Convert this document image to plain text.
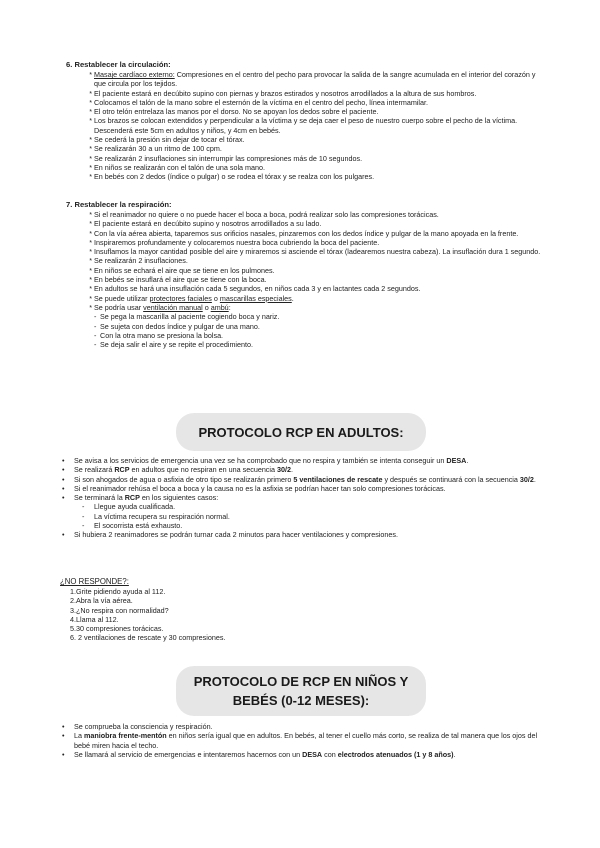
6. Restablecer la circulación:

* Masaje cardíaco externo: Compresiones en el centro del pecho para provocar la salida de la sangre acumulada en el interior del corazón y que circula por los tejidos.
* El paciente estará en decúbito supino con piernas y brazos estirados y nosotros arrodillados a la altura de sus hombros.
* Colocamos el talón de la mano sobre el esternón de la víctima en el centro del pecho, línea intermamilar.
* El otro telón entrelaza las manos por el dorso. No se apoyan los dedos sobre el paciente.
* Los brazos se colocan extendidos y perpendicular a la víctima y se deja caer el peso de nuestro cuerpo sobre el pecho de la víctima. Descenderá este 5cm en adultos y niños, y 4cm en bebés.
* Se cederá la presión sin dejar de tocar el tórax.
* Se realizarán 30 a un ritmo de 100 cpm.
* Se realizarán 2 insuflaciones sin interrumpir las compresiones más de 10 segundos.
* En niños se realizarán con el talón de una sola mano.
* En bebés con 2 dedos (índice o pulgar) o se rodea el tórax y se realza con los pulgares.

7. Restablecer la respiración:

* Si el reanimador no quiere o no puede hacer el boca a boca, podrá realizar solo las compresiones torácicas.
* El paciente estará en decúbito supino y nosotros arrodillados a su lado.
* Con la vía aérea abierta, taparemos sus orificios nasales, pinzaremos con los dedos índice y pulgar de la mano apoyada en la frente.
* Inspiraremos profundamente y colocaremos nuestra boca cubriendo la boca del paciente.
* Insuflamos la mayor cantidad posible del aire y miraremos si asciende el tórax (ladearemos nuestra cabeza). La insuflación dura 1 segundo.
* Se realizarán 2 insuflaciones.
* En niños se echará el aire que se tiene en los pulmones.
* En bebés se insuflará el aire que se tiene con la boca.
* En adultos se hará una insuflación cada 5 segundos, en niños cada 3 y en lactantes cada 2 segundos.
* Se puede utilizar protectores faciales o mascarillas especiales.
* Se podría usar ventilación manual o ambú:
- Se pega la mascarilla al paciente cogiendo boca y nariz.
- Se sujeta con dedos índice y pulgar de una mano.
- Con la otra mano se presiona la bolsa.
- Se deja salir el aire y se repite el procedimiento.
PROTOCOLO RCP EN ADULTOS:
•	Se avisa a los servicios de emergencia una vez se ha comprobado que no respira y también se intenta conseguir un DESA.
•	Se realizará RCP en adultos que no respiran en una secuencia 30/2.
•	Si son ahogados de agua o asfixia de otro tipo se realizarán primero 5 ventilaciones de rescate y después se continuará con la secuencia 30/2.
•	Si el reanimador rehúsa el boca a boca y la causa no es la asfixia se podrían hacer tan solo compresiones torácicas.
•	Se terminará la RCP en los siguientes casos:
- Llegue ayuda cualificada.
- La víctima recupera su respiración normal.
- El socorrista está exhausto.
•	Si hubiera 2 reanimadores se podrán turnar cada 2 minutos para hacer ventilaciones y compresiones.

¿NO RESPONDE?:

1.Grite pidiendo ayuda al 112.
2.Abra la vía aérea.
3.¿No respira con normalidad?
4.Llama al 112.
5.30 compresiones torácicas.
6. 2 ventilaciones de rescate y 30 compresiones.
PROTOCOLO DE RCP EN NIÑOS Y
BEBÉS (0-12 MESES):
•	Se comprueba la consciencia y respiración.
•	La maniobra frente-mentón en niños sería igual que en adultos. En bebés, al tener el cuello más corto, se realiza de tal manera que los ojos del bebé miren hacia el techo.
•	Se llamará al servicio de emergencias e intentaremos hacernos con un DESA con electrodos atenuados (1 y 8 años).
